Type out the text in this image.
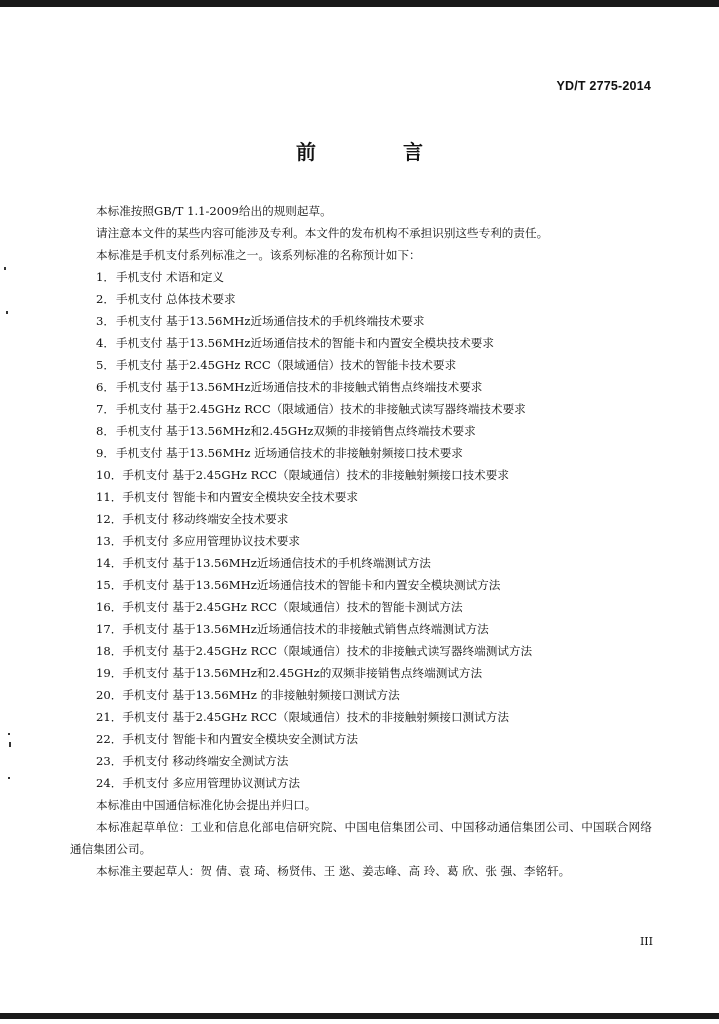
YD/T 2775-2014
前 言

本标准按照GB/T 1.1-2009给出的规则起草。

请注意本文件的某些内容可能涉及专利。本文件的发布机构不承担识别这些专利的责任。

本标准是手机支付系列标准之一。该系列标准的名称预计如下：

1．手机支付 术语和定义
2．手机支付 总体技术要求
3．手机支付 基于13.56MHz近场通信技术的手机终端技术要求
4．手机支付 基于13.56MHz近场通信技术的智能卡和内置安全模块技术要求
5．手机支付 基于2.45GHz RCC（限域通信）技术的智能卡技术要求
6．手机支付 基于13.56MHz近场通信技术的非接触式销售点终端技术要求
7．手机支付 基于2.45GHz RCC（限域通信）技术的非接触式读写器终端技术要求
8．手机支付 基于13.56MHz和2.45GHz双频的非接销售点终端技术要求
9．手机支付 基于13.56MHz 近场通信技术的非接触射频接口技术要求
10．手机支付 基于2.45GHz RCC（限域通信）技术的非接触射频接口技术要求
11．手机支付 智能卡和内置安全模块安全技术要求
12．手机支付 移动终端安全技术要求
13．手机支付 多应用管理协议技术要求
14．手机支付 基于13.56MHz近场通信技术的手机终端测试方法
15．手机支付 基于13.56MHz近场通信技术的智能卡和内置安全模块测试方法
16．手机支付 基于2.45GHz RCC（限域通信）技术的智能卡测试方法
17．手机支付 基于13.56MHz近场通信技术的非接触式销售点终端测试方法
18．手机支付 基于2.45GHz RCC（限域通信）技术的非接触式读写器终端测试方法
19．手机支付 基于13.56MHz和2.45GHz的双频非接销售点终端测试方法
20．手机支付 基于13.56MHz 的非接触射频接口测试方法
21．手机支付 基于2.45GHz RCC（限域通信）技术的非接触射频接口测试方法
22．手机支付 智能卡和内置安全模块安全测试方法
23．手机支付 移动终端安全测试方法
24．手机支付 多应用管理协议测试方法

本标准由中国通信标准化协会提出并归口。

本标准起草单位：工业和信息化部电信研究院、中国电信集团公司、中国移动通信集团公司、中国联合网络通信集团公司。

本标准主要起草人：贺 倩、袁 琦、杨贤伟、王 逖、姜志峰、高 玲、葛 欣、张 强、李铭轩。

III
